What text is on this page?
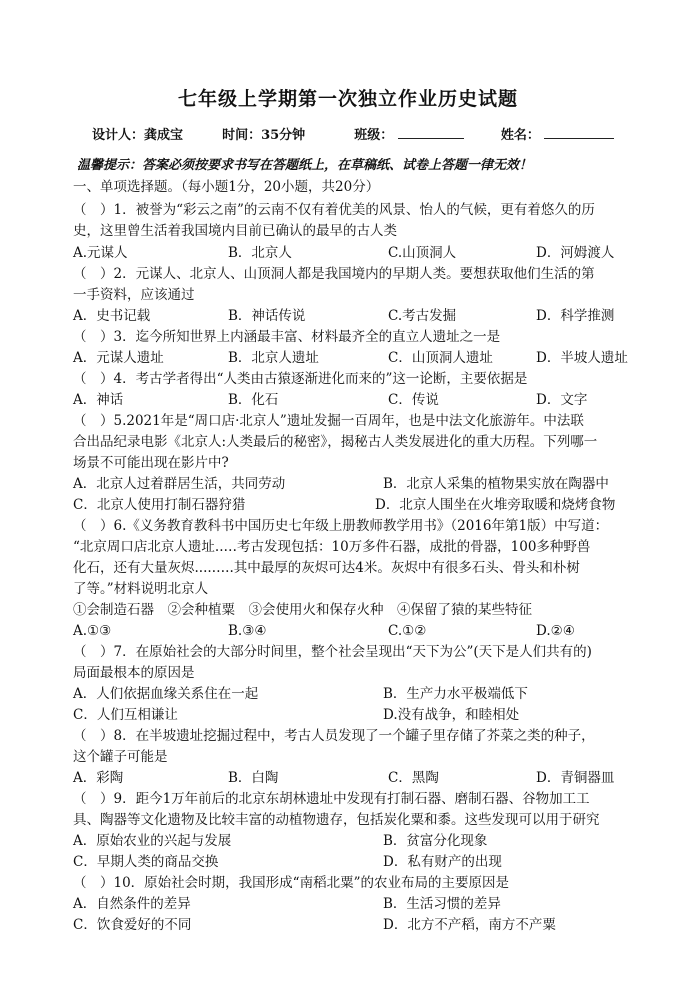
七年级上学期第一次独立作业历史试题
设计人：龚成宝	时间：35分钟	班级：	姓名：
温馨提示：答案必须按要求书写在答题纸上，在草稿纸、试卷上答题一律无效！
一、单项选择题。（每小题1分，20小题，共20分）
（　）1．被誉为“彩云之南”的云南不仅有着优美的风景、怡人的气候，更有着悠久的历
史，这里曾生活着我国境内目前已确认的最早的古人类
A.元谋人	B．北京人	C.山顶洞人	D．河姆渡人
（　）2．元谋人、北京人、山顶洞人都是我国境内的早期人类。要想获取他们生活的第
一手资料，应该通过
A．史书记载	B．神话传说	C.考古发掘	D．科学推测
（　）3．迄今所知世界上内涵最丰富、材料最齐全的直立人遗址之一是
A．元谋人遗址	B．北京人遗址	C．山顶洞人遗址	D．半坡人遗址
（　）4．考古学者得出“人类由古猿逐渐进化而来的”这一论断，主要依据是
A．神话	B．化石	C．传说	D．文字
（　）5.2021年是“周口店·北京人”遗址发掘一百周年，也是中法文化旅游年。中法联
合出品纪录电影《北京人:人类最后的秘密》，揭秘古人类发展进化的重大历程。下列哪一
场景不可能出现在影片中?
A．北京人过着群居生活，共同劳动	B．北京人采集的植物果实放在陶器中
C．北京人使用打制石器狩猎	D．北京人围坐在火堆旁取暖和烧烤食物
（　）6.《义务教育教科书中国历史七年级上册教师教学用书》（2016年第1版）中写道：
“北京周口店北京人遗址..…考古发现包括：10万多件石器，成批的骨器，100多种野兽
化石，还有大量灰烬....…..其中最厚的灰烬可达4米。灰烬中有很多石头、骨头和朴树
了等。”材料说明北京人
①会制造石器　②会种植粟　③会使用火和保存火种　④保留了猿的某些特征
A.①③	B.③④	C.①②	D.②④
（　）7．在原始社会的大部分时间里，整个社会呈现出“天下为公”(天下是人们共有的)
局面最根本的原因是
A．人们依据血缘关系住在一起	B．生产力水平极端低下
C．人们互相谦让	D.没有战争，和睦相处
（　）8．在半坡遗址挖掘过程中，考古人员发现了一个罐子里存储了芥菜之类的种子，
这个罐子可能是
A．彩陶	B．白陶	C．黑陶	D．青铜器皿
（　）9．距今1万年前后的北京东胡林遗址中发现有打制石器、磨制石器、谷物加工工
具、陶器等文化遗物及比较丰富的动植物遗存，包括炭化粟和黍。这些发现可以用于研究
A．原始农业的兴起与发展	B．贫富分化现象
C．早期人类的商品交换	D．私有财产的出现
（　）10．原始社会时期，我国形成“南稻北粟”的农业布局的主要原因是
A．自然条件的差异	B．生活习惯的差异
C．饮食爱好的不同	D．北方不产稻，南方不产粟
